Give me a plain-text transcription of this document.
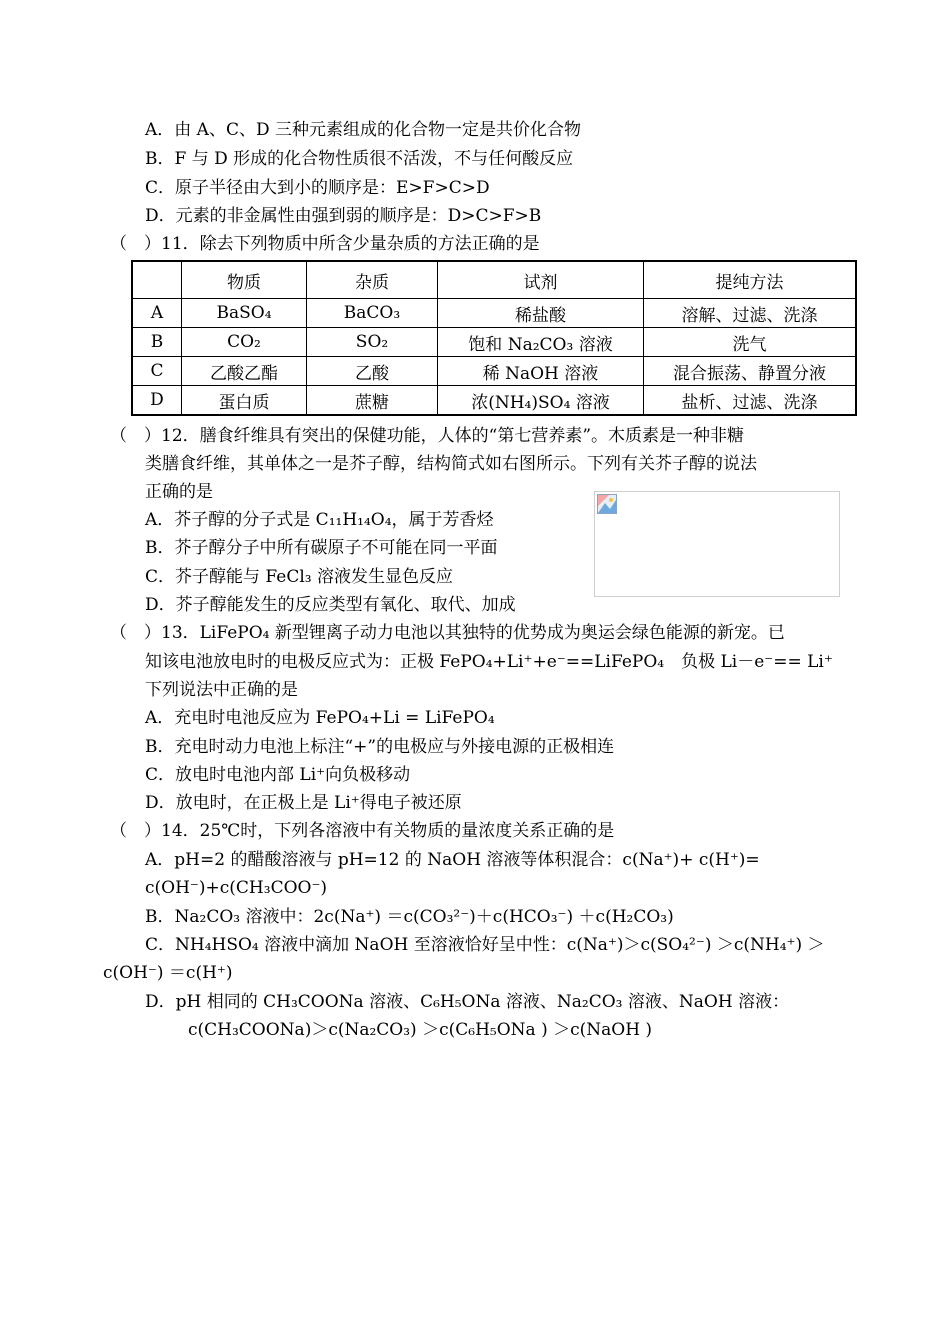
A．由 A、C、D 三种元素组成的化合物一定是共价化合物
B．F 与 D 形成的化合物性质很不活泼，不与任何酸反应
C．原子半径由大到小的顺序是：E>F>C>D
D．元素的非金属性由强到弱的顺序是：D>C>F>B
（　）11．除去下列物质中所含少量杂质的方法正确的是
	物质	杂质	试剂	提纯方法
A	BaSO₄	BaCO₃	稀盐酸	溶解、过滤、洗涤
B	CO₂	SO₂	饱和 Na₂CO₃ 溶液	洗气
C	乙酸乙酯	乙酸	稀 NaOH 溶液	混合振荡、静置分液
D	蛋白质	蔗糖	浓(NH₄)SO₄ 溶液	盐析、过滤、洗涤
（　）12．膳食纤维具有突出的保健功能，人体的“第七营养素”。木质素是一种非糖
类膳食纤维，其单体之一是芥子醇，结构简式如右图所示。下列有关芥子醇的说法
正确的是
A．芥子醇的分子式是 C₁₁H₁₄O₄，属于芳香烃
B．芥子醇分子中所有碳原子不可能在同一平面
C．芥子醇能与 FeCl₃ 溶液发生显色反应
D．芥子醇能发生的反应类型有氧化、取代、加成
（　）13．LiFePO₄ 新型锂离子动力电池以其独特的优势成为奥运会绿色能源的新宠。已
知该电池放电时的电极反应式为：正极 FePO₄+Li⁺+e⁻==LiFePO₄　负极 Li－e⁻== Li⁺
下列说法中正确的是
A．充电时电池反应为 FePO₄+Li = LiFePO₄
B．充电时动力电池上标注“+”的电极应与外接电源的正极相连
C．放电时电池内部 Li⁺向负极移动
D．放电时，在正极上是 Li⁺得电子被还原
（　）14．25℃时，下列各溶液中有关物质的量浓度关系正确的是
A．pH=2 的醋酸溶液与 pH=12 的 NaOH 溶液等体积混合：c(Na⁺)+ c(H⁺)=
c(OH⁻)+c(CH₃COO⁻)
B．Na₂CO₃ 溶液中：2c(Na⁺) ＝c(CO₃²⁻)＋c(HCO₃⁻) ＋c(H₂CO₃)
C．NH₄HSO₄ 溶液中滴加 NaOH 至溶液恰好呈中性：c(Na⁺)＞c(SO₄²⁻) ＞c(NH₄⁺) ＞
c(OH⁻) ＝c(H⁺)
D．pH 相同的 CH₃COONa 溶液、C₆H₅ONa 溶液、Na₂CO₃ 溶液、NaOH 溶液：
c(CH₃COONa)＞c(Na₂CO₃) ＞c(C₆H₅ONa ) ＞c(NaOH )
